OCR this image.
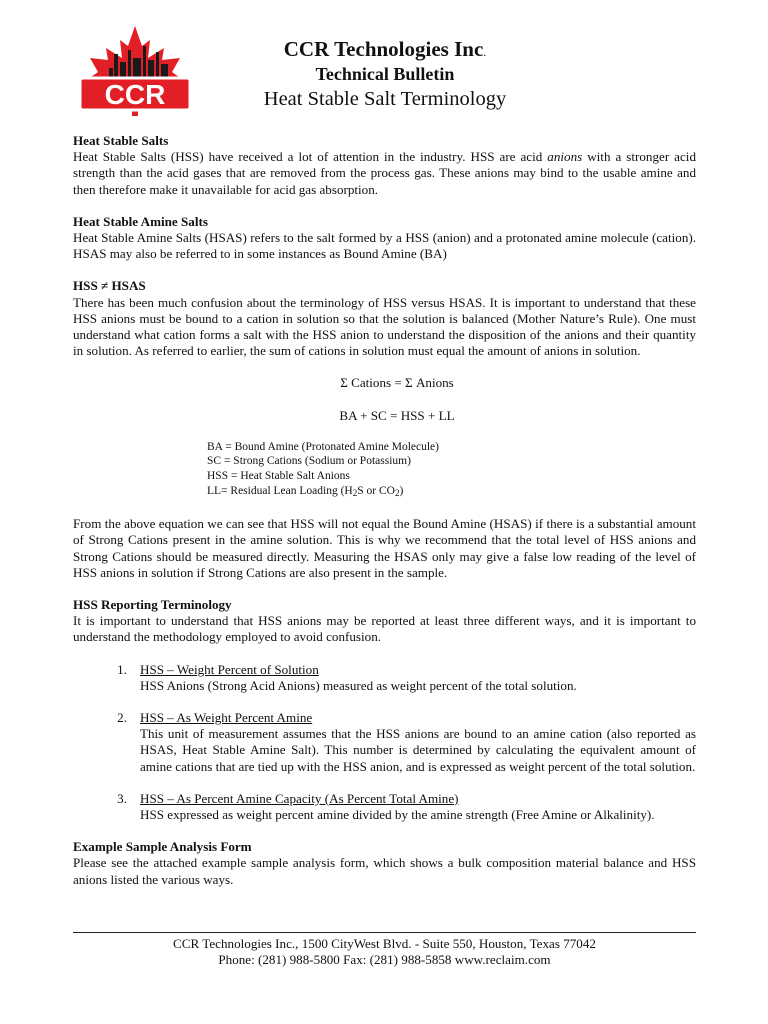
CCR
CCR Technologies Inc.
Technical Bulletin
Heat Stable Salt Terminology
Heat Stable Salts
Heat Stable Salts (HSS) have received a lot of attention in the industry. HSS are acid anions with a stronger acid strength than the acid gases that are removed from the process gas. These anions may bind to the usable amine and then therefore make it unavailable for acid gas absorption.
Heat Stable Amine Salts
Heat Stable Amine Salts (HSAS) refers to the salt formed by a HSS (anion) and a protonated amine molecule (cation). HSAS may also be referred to in some instances as Bound Amine (BA)
HSS ≠ HSAS
There has been much confusion about the terminology of HSS versus HSAS. It is important to understand that these HSS anions must be bound to a cation in solution so that the solution is balanced (Mother Nature’s Rule). One must understand what cation forms a salt with the HSS anion to understand the disposition of the anions and their quantity in solution. As referred to earlier, the sum of cations in solution must equal the amount of anions in solution.
Σ Cations = Σ Anions
BA + SC = HSS + LL
BA = Bound Amine (Protonated Amine Molecule)
SC = Strong Cations (Sodium or Potassium)
HSS = Heat Stable Salt Anions
LL= Residual Lean Loading ($H_2S$ or $CO_2$)
From the above equation we can see that HSS will not equal the Bound Amine (HSAS) if there is a substantial amount of Strong Cations present in the amine solution. This is why we recommend that the total level of HSS anions and Strong Cations should be measured directly. Measuring the HSAS only may give a false low reading of the level of HSS anions in solution if Strong Cations are also present in the sample.
HSS Reporting Terminology
It is important to understand that HSS anions may be reported at least three different ways, and it is important to understand the methodology employed to avoid confusion.
1. HSS – Weight Percent of Solution
HSS Anions (Strong Acid Anions) measured as weight percent of the total solution.
2. HSS – As Weight Percent Amine
This unit of measurement assumes that the HSS anions are bound to an amine cation (also reported as HSAS, Heat Stable Amine Salt). This number is determined by calculating the equivalent amount of amine cations that are tied up with the HSS anion, and is expressed as weight percent of the total solution.
3. HSS – As Percent Amine Capacity (As Percent Total Amine)
HSS expressed as weight percent amine divided by the amine strength (Free Amine or Alkalinity).
Example Sample Analysis Form
Please see the attached example sample analysis form, which shows a bulk composition material balance and HSS anions listed the various ways.
CCR Technologies Inc., 1500 CityWest Blvd. - Suite 550, Houston, Texas 77042
Phone: (281) 988-5800 Fax: (281) 988-5858 www.reclaim.com
